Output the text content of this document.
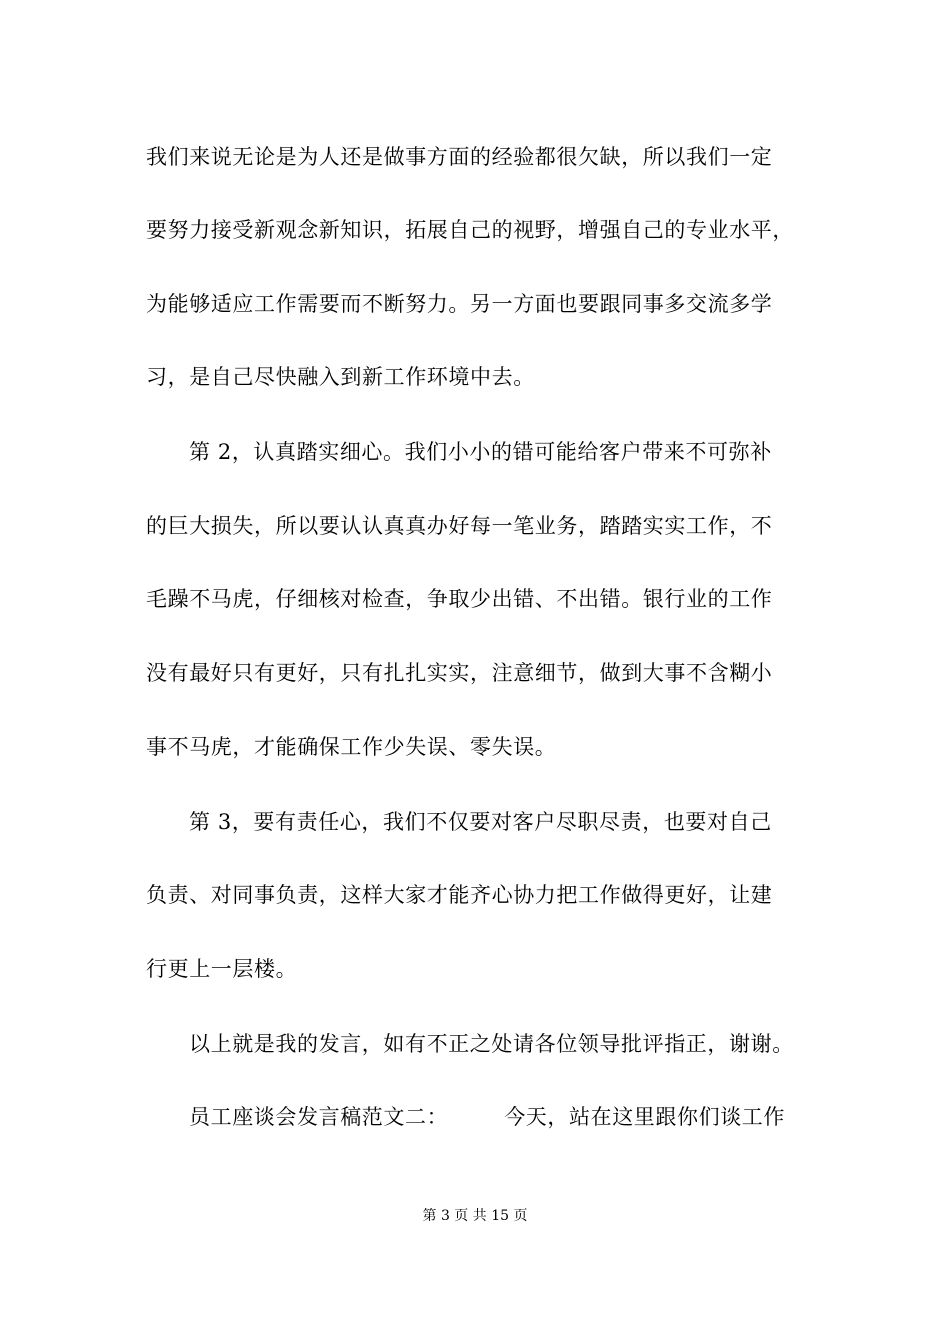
我们来说无论是为人还是做事方面的经验都很欠缺，所以我们一定
要努力接受新观念新知识，拓展自己的视野，增强自己的专业水平，
为能够适应工作需要而不断努力。另一方面也要跟同事多交流多学
习，是自己尽快融入到新工作环境中去。
第 2，认真踏实细心。我们小小的错可能给客户带来不可弥补
的巨大损失，所以要认认真真办好每一笔业务，踏踏实实工作，不
毛躁不马虎，仔细核对检查，争取少出错、不出错。银行业的工作
没有最好只有更好，只有扎扎实实，注意细节，做到大事不含糊小
事不马虎，才能确保工作少失误、零失误。
第 3，要有责任心，我们不仅要对客户尽职尽责，也要对自己
负责、对同事负责，这样大家才能齐心协力把工作做得更好，让建
行更上一层楼。
以上就是我的发言，如有不正之处请各位领导批评指正，谢谢。
员工座谈会发言稿范文二：	今天，站在这里跟你们谈工作
第 3 页 共 15 页
